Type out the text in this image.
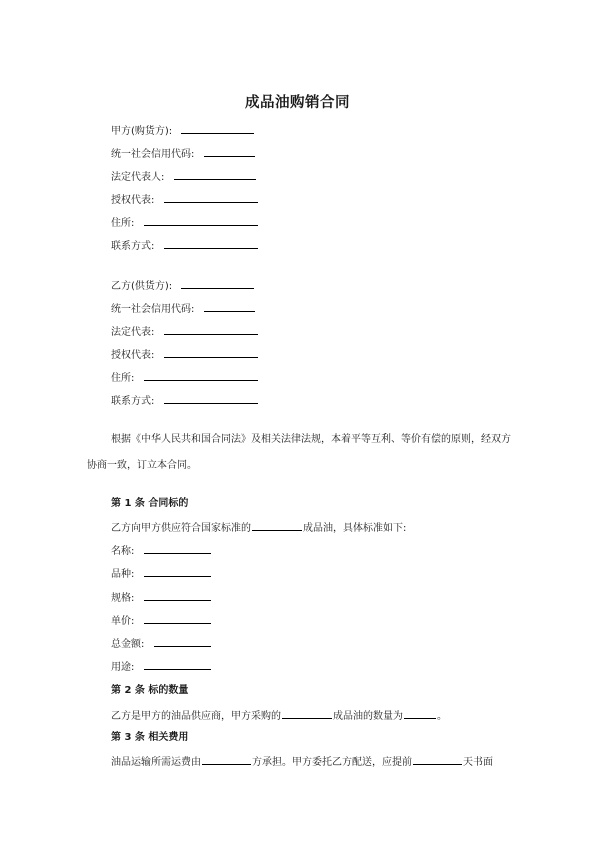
成品油购销合同
甲方(购货方):
统一社会信用代码:
法定代表人:
授权代表:
住所:
联系方式:
乙方(供货方):
统一社会信用代码:
法定代表:
授权代表:
住所:
联系方式:

根据《中华人民共和国合同法》及相关法律法规，本着平等互利、等价有偿的原则，经双方协商一致，订立本合同。

第 1 条 合同标的
乙方向甲方供应符合国家标准的	成品油，具体标准如下:
名称:
品种:
规格:
单价:
总金额:
用途:
第 2 条 标的数量
乙方是甲方的油品供应商，甲方采购的	成品油的数量为	。
第 3 条 相关费用
油品运输所需运费由	方承担。甲方委托乙方配送，应提前	天书面
